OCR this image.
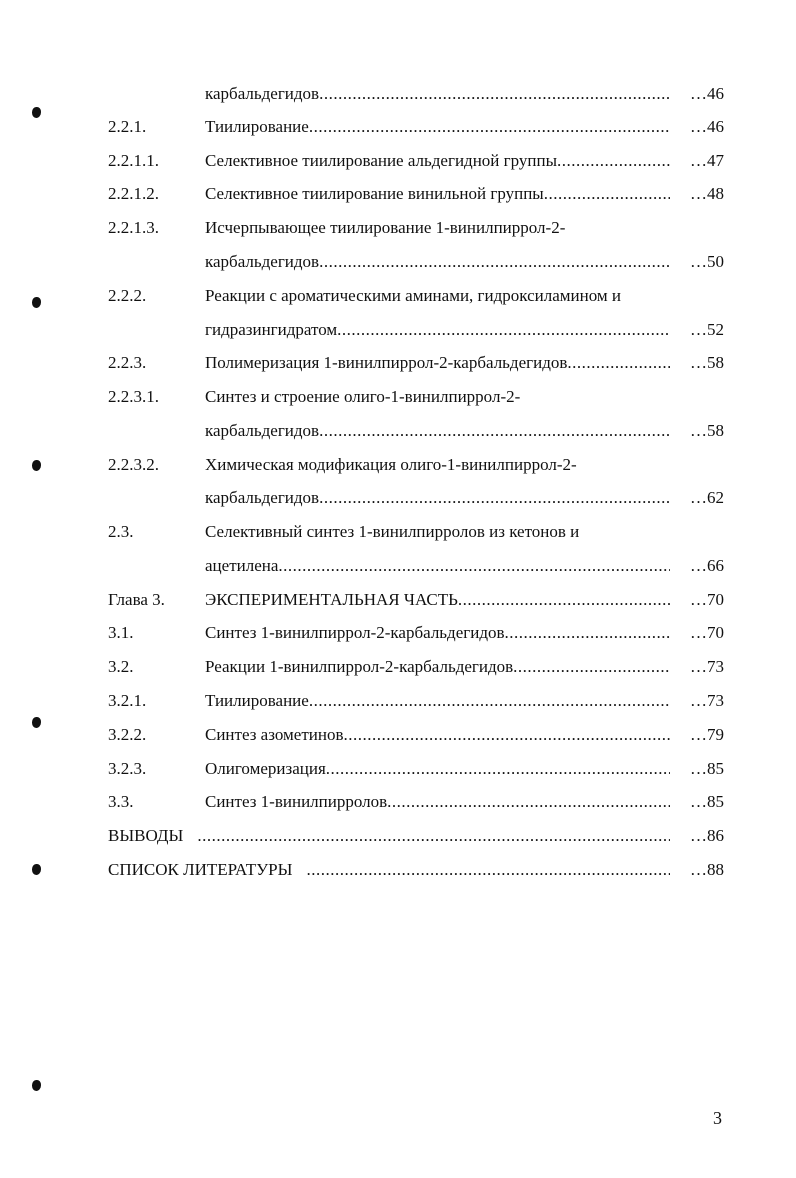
карбальдегидов .....	…46
2.2.1.	Тиилирование .....	…46
2.2.1.1.	Селективное тиилирование альдегидной группы .....	…47
2.2.1.2.	Селективное тиилирование винильной группы .....	…48
2.2.1.3.	Исчерпывающее тиилирование 1-винилпиррол-2-
карбальдегидов .....	…50
2.2.2.	Реакции с ароматическими аминами, гидроксиламином и
гидразингидратом .....	…52
2.2.3.	Полимеризация 1-винилпиррол-2-карбальдегидов .....	…58
2.2.3.1.	Синтез и строение олиго-1-винилпиррол-2-
карбальдегидов .....	…58
2.2.3.2.	Химическая модификация олиго-1-винилпиррол-2-
карбальдегидов .....	…62
2.3.	Селективный синтез 1-винилпирролов из кетонов и
ацетилена .....	…66
Глава 3. ЭКСПЕРИМЕНТАЛЬНАЯ ЧАСТЬ .....	…70
3.1.	Синтез 1-винилпиррол-2-карбальдегидов .....	…70
3.2.	Реакции 1-винилпиррол-2-карбальдегидов .....	…73
3.2.1.	Тиилирование .....	…73
3.2.2.	Синтез азометинов .....	…79
3.2.3.	Олигомеризация .....	…85
3.3.	Синтез 1-винилпирролов .....	…85
ВЫВОДЫ .....	…86
СПИСОК ЛИТЕРАТУРЫ .....	…88
3
